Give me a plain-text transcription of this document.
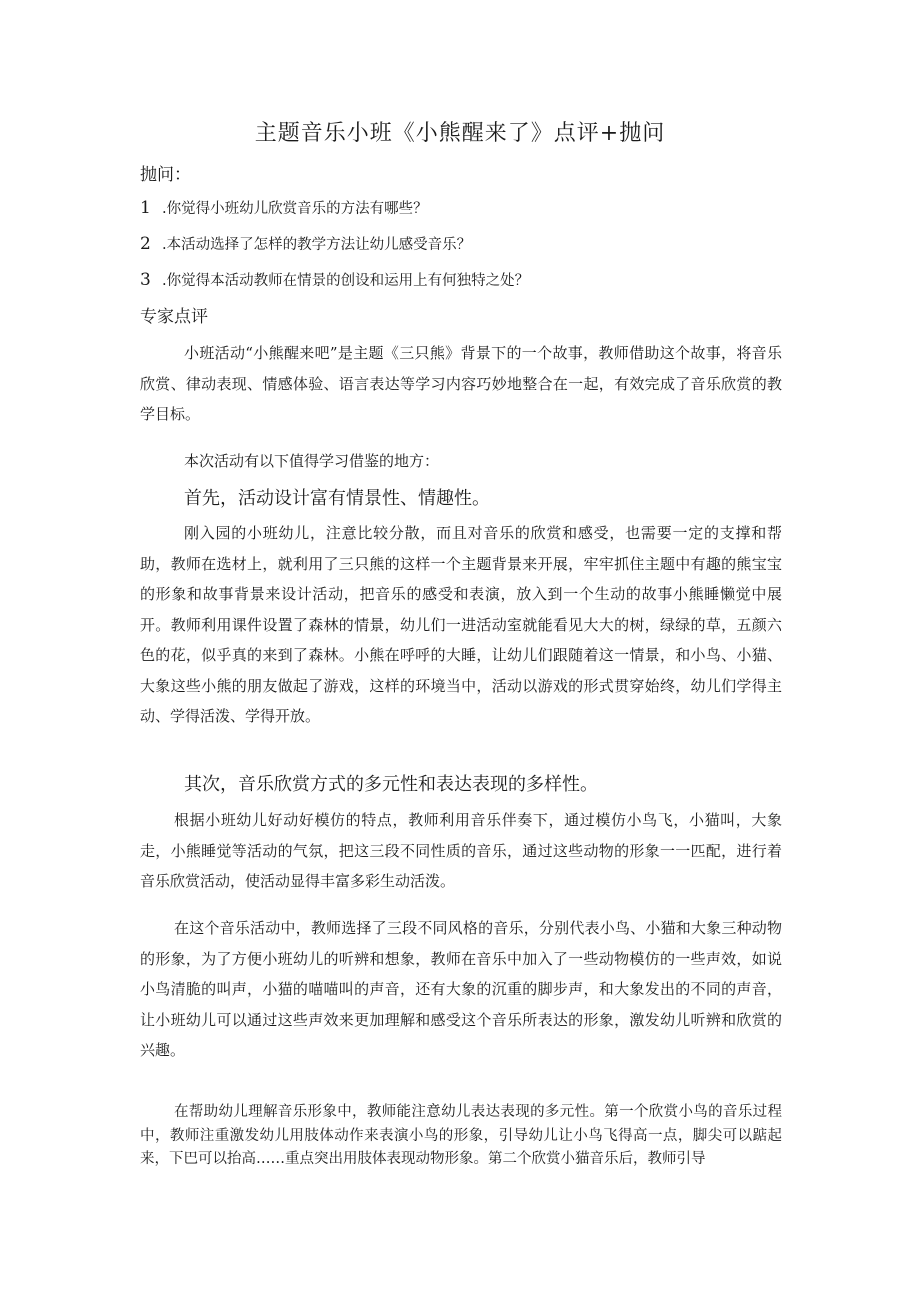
主题音乐小班《小熊醒来了》点评+抛问
抛问：
1 .你觉得小班幼儿欣赏音乐的方法有哪些？
2 .本活动选择了怎样的教学方法让幼儿感受音乐？
3 .你觉得本活动教师在情景的创设和运用上有何独特之处？
专家点评
小班活动“小熊醒来吧”是主题《三只熊》背景下的一个故事，教师借助这个故事，将音乐欣赏、律动表现、情感体验、语言表达等学习内容巧妙地整合在一起，有效完成了音乐欣赏的教学目标。
本次活动有以下值得学习借鉴的地方：
首先，活动设计富有情景性、情趣性。
刚入园的小班幼儿，注意比较分散，而且对音乐的欣赏和感受，也需要一定的支撑和帮助，教师在选材上，就利用了三只熊的这样一个主题背景来开展，牢牢抓住主题中有趣的熊宝宝的形象和故事背景来设计活动，把音乐的感受和表演，放入到一个生动的故事小熊睡懒觉中展开。教师利用课件设置了森林的情景，幼儿们一进活动室就能看见大大的树，绿绿的草，五颜六色的花，似乎真的来到了森林。小熊在呼呼的大睡，让幼儿们跟随着这一情景，和小鸟、小猫、大象这些小熊的朋友做起了游戏，这样的环境当中，活动以游戏的形式贯穿始终，幼儿们学得主动、学得活泼、学得开放。
其次，音乐欣赏方式的多元性和表达表现的多样性。
根据小班幼儿好动好模仿的特点，教师利用音乐伴奏下，通过模仿小鸟飞，小猫叫，大象走，小熊睡觉等活动的气氛，把这三段不同性质的音乐，通过这些动物的形象一一匹配，进行着音乐欣赏活动，使活动显得丰富多彩生动活泼。
在这个音乐活动中，教师选择了三段不同风格的音乐，分别代表小鸟、小猫和大象三种动物的形象，为了方便小班幼儿的听辨和想象，教师在音乐中加入了一些动物模仿的一些声效，如说小鸟清脆的叫声，小猫的喵喵叫的声音，还有大象的沉重的脚步声，和大象发出的不同的声音，让小班幼儿可以通过这些声效来更加理解和感受这个音乐所表达的形象，激发幼儿听辨和欣赏的兴趣。
在帮助幼儿理解音乐形象中，教师能注意幼儿表达表现的多元性。第一个欣赏小鸟的音乐过程中，教师注重激发幼儿用肢体动作来表演小鸟的形象，引导幼儿让小鸟飞得高一点，脚尖可以踮起来，下巴可以抬高……重点突出用肢体表现动物形象。第二个欣赏小猫音乐后，教师引导
